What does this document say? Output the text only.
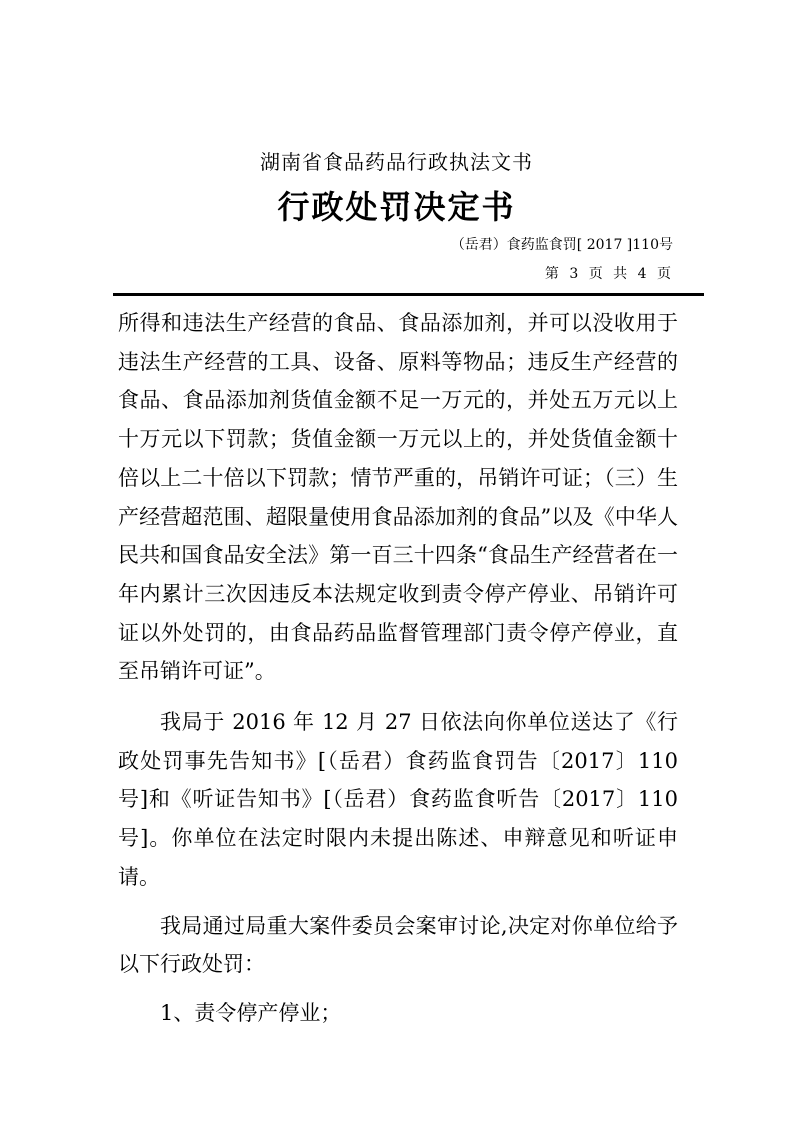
湖南省食品药品行政执法文书
行政处罚决定书
（岳君）食药监食罚[ 2017 ]110号
第 3 页 共 4 页

所得和违法生产经营的食品、食品添加剂，并可以没收用于违法生产经营的工具、设备、原料等物品；违反生产经营的食品、食品添加剂货值金额不足一万元的，并处五万元以上十万元以下罚款；货值金额一万元以上的，并处货值金额十倍以上二十倍以下罚款；情节严重的，吊销许可证；（三）生产经营超范围、超限量使用食品添加剂的食品”以及《中华人民共和国食品安全法》第一百三十四条“食品生产经营者在一年内累计三次因违反本法规定收到责令停产停业、吊销许可证以外处罚的，由食品药品监督管理部门责令停产停业，直至吊销许可证”。

我局于 2016 年 12 月 27 日依法向你单位送达了《行政处罚事先告知书》[（岳君）食药监食罚告〔2017〕110 号]和《听证告知书》[（岳君）食药监食听告〔2017〕110 号]。你单位在法定时限内未提出陈述、申辩意见和听证申请。

我局通过局重大案件委员会案审讨论,决定对你单位给予以下行政处罚：

1、责令停产停业；
